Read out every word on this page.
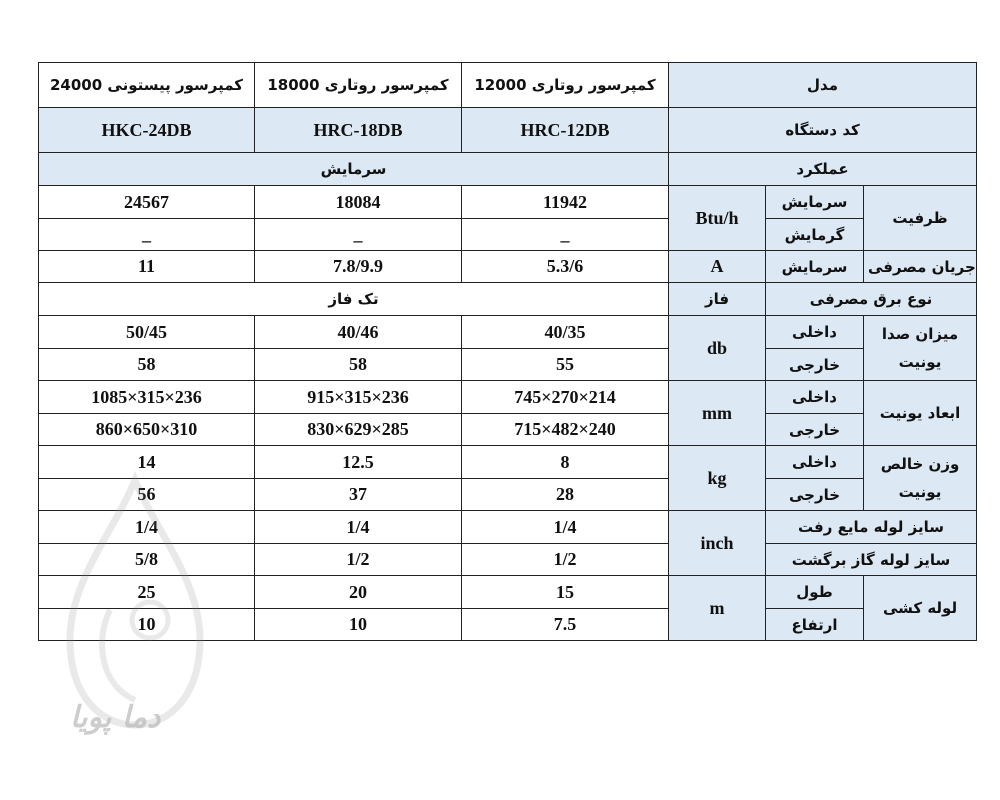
کمپرسور پیستونی 24000	کمپرسور روتاری 18000	کمپرسور روتاری 12000	مدل		
HKC-24DB	HRC-18DB	HRC-12DB	کد دستگاه		
سرمایش			عملکرد		
24567	18084	11942	Btu/h	سرمایش	ظرفیت
_	_	_		گرمایش	
11	7.8/9.9	5.3/6	A	سرمایش	جریان مصرفی
تک فاز			فاز	نوع برق مصرفی	
50/45	40/46	40/35	db	داخلی	میزان صدا
یونیت

58	58	55		خارجی	
1085×315×236	915×315×236	745×270×214	mm	داخلی	ابعاد یونیت
860×650×310	830×629×285	715×482×240		خارجی	
14	12.5	8	kg	داخلی	وزن خالص
یونیت

56	37	28		خارجی	
1/4	1/4	1/4	inch	سایز لوله مایع رفت	
5/8	1/2	1/2		سایز لوله گاز برگشت	
25	20	15	m	طول	لوله کشی
10	10	7.5		ارتفاع	
دما پویا
